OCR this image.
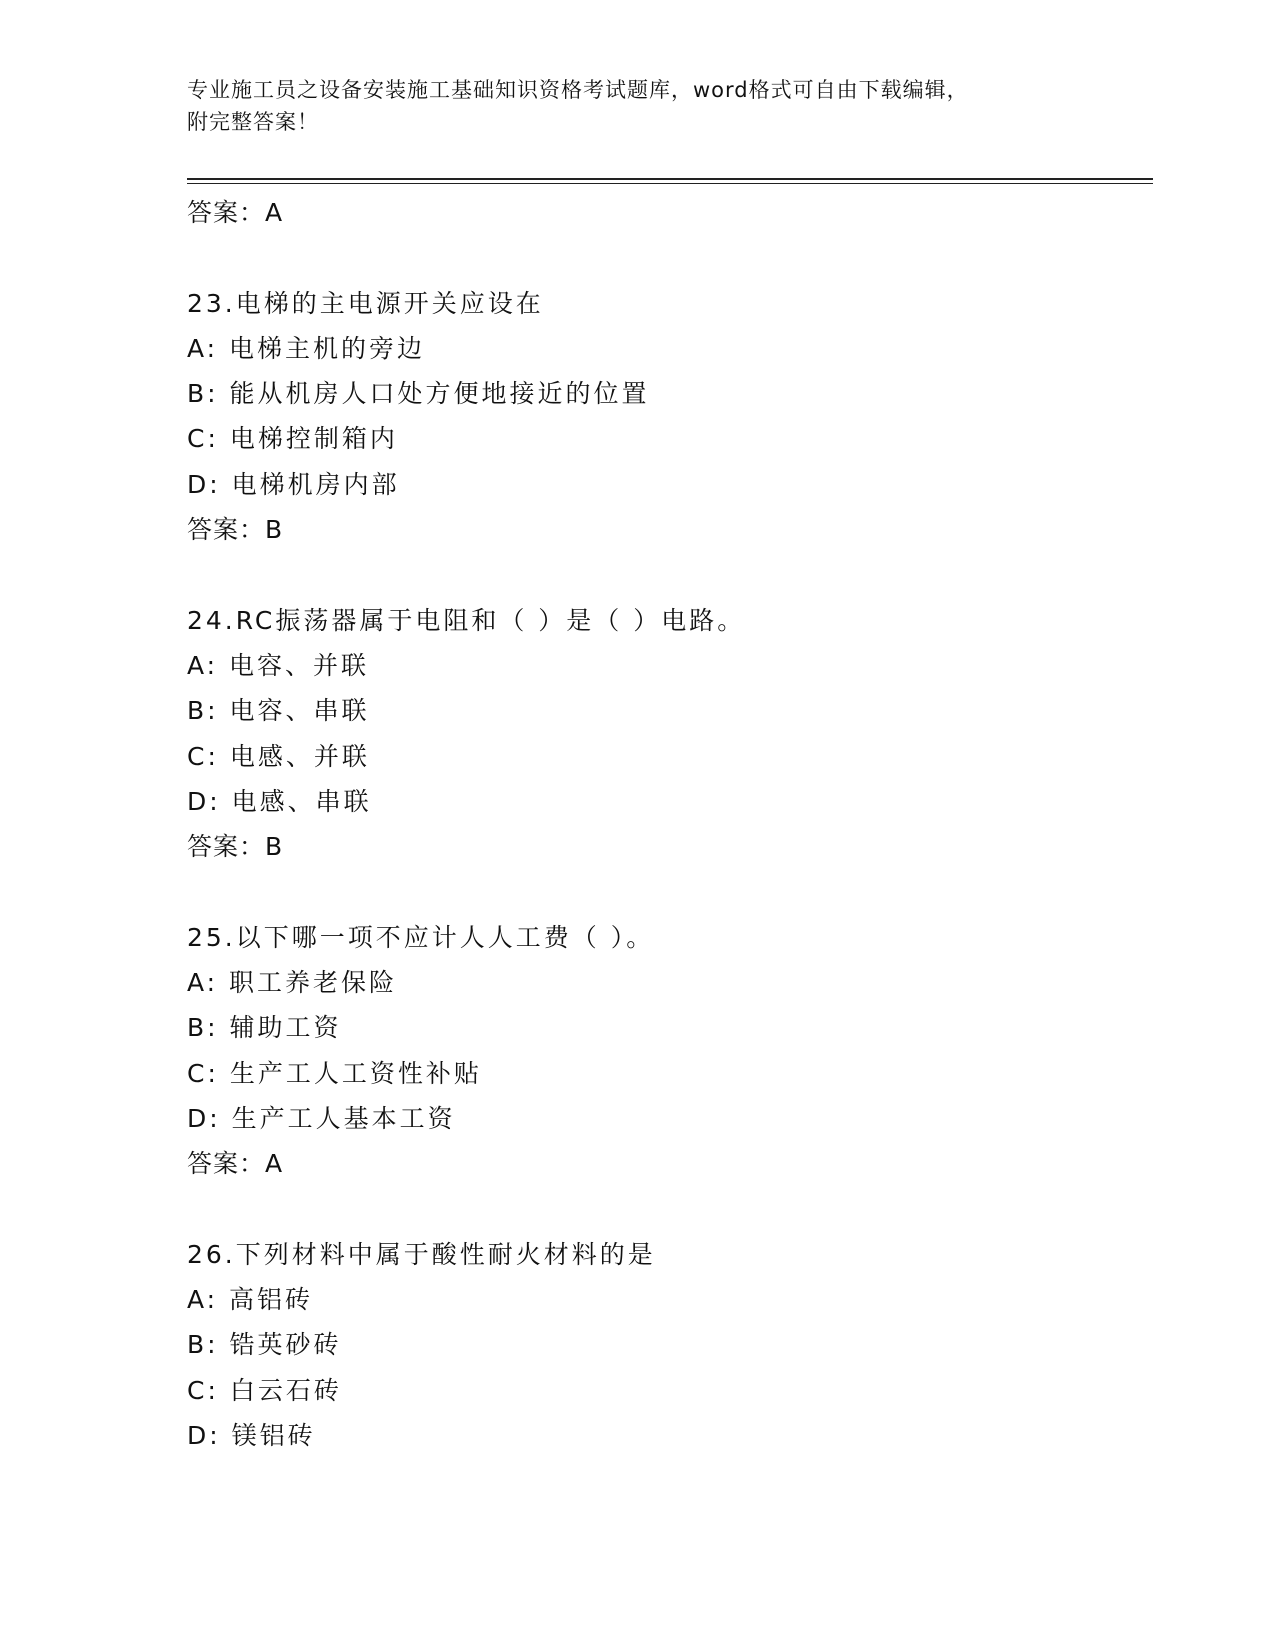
专业施工员之设备安装施工基础知识资格考试题库，word格式可自由下载编辑，
附完整答案！
答案：A
23.电梯的主电源开关应设在
A: 电梯主机的旁边
B: 能从机房人口处方便地接近的位置
C: 电梯控制箱内
D: 电梯机房内部
答案：B
24.RC振荡器属于电阻和（ ）是（ ）电路。
A: 电容、并联
B: 电容、串联
C: 电感、并联
D: 电感、串联
答案：B
25.以下哪一项不应计人人工费（ ）。
A: 职工养老保险
B: 辅助工资
C: 生产工人工资性补贴
D: 生产工人基本工资
答案：A
26.下列材料中属于酸性耐火材料的是
A: 高铝砖
B: 锆英砂砖
C: 白云石砖
D: 镁铝砖
